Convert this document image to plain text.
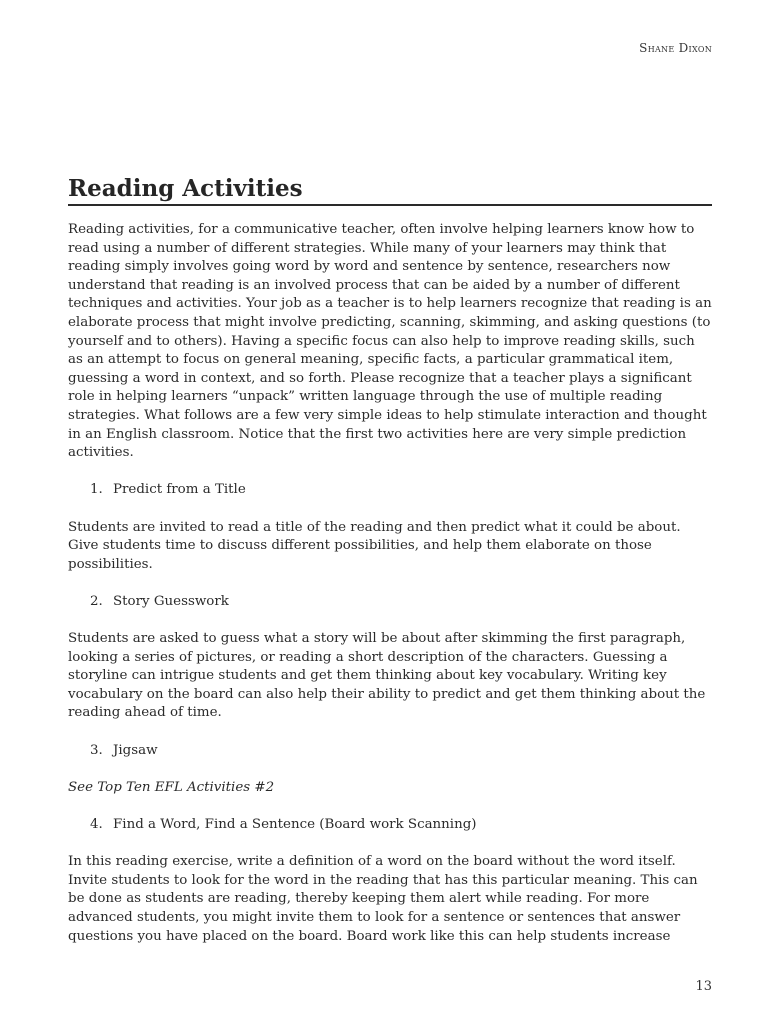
Shane Dixon
Reading Activities

Reading activities, for a communicative teacher, often involve helping learners know how to read using a number of different strategies. While many of your learners may think that reading simply involves going word by word and sentence by sentence, researchers now understand that reading is an involved process that can be aided by a number of different techniques and activities. Your job as a teacher is to help learners recognize that reading is an elaborate process that might involve predicting, scanning, skimming, and asking questions (to yourself and to others). Having a specific focus can also help to improve reading skills, such as an attempt to focus on general meaning, specific facts, a particular grammatical item, guessing a word in context, and so forth. Please recognize that a teacher plays a significant role in helping learners “unpack” written language through the use of multiple reading strategies. What follows are a few very simple ideas to help stimulate interaction and thought in an English classroom. Notice that the first two activities here are very simple prediction activities.

1. Predict from a Title

Students are invited to read a title of the reading and then predict what it could be about. Give students time to discuss different possibilities, and help them elaborate on those possibilities.

2. Story Guesswork

Students are asked to guess what a story will be about after skimming the first paragraph, looking a series of pictures, or reading a short description of the characters. Guessing a storyline can intrigue students and get them thinking about key vocabulary. Writing key vocabulary on the board can also help their ability to predict and get them thinking about the reading ahead of time.

3. Jigsaw

See Top Ten EFL Activities #2

4. Find a Word, Find a Sentence (Board work Scanning)

In this reading exercise, write a definition of a word on the board without the word itself. Invite students to look for the word in the reading that has this particular meaning. This can be done as students are reading, thereby keeping them alert while reading. For more advanced students, you might invite them to look for a sentence or sentences that answer questions you have placed on the board. Board work like this can help students increase

13
